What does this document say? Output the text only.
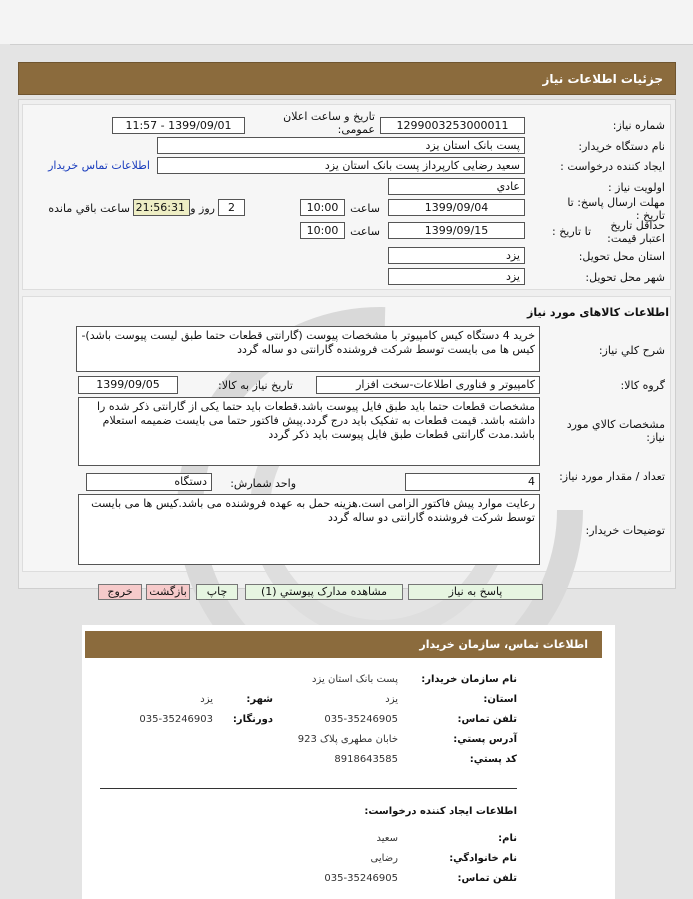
جزئیات اطلاعات نیاز
شماره نیاز:
1299003253000011
تاریخ و ساعت اعلان عمومی:
1399/09/01 - 11:57
نام دستگاه خریدار:
پست بانک استان یزد
ایجاد کننده درخواست :
سعید رضایی کارپرداز پست بانک استان یزد
اطلاعات تماس خریدار
اولویت نیاز :
عادي
مهلت ارسال پاسخ: تا تاریخ :
1399/09/04
ساعت
10:00
2
روز و
21:56:31
ساعت باقي مانده
حداقل تاریخ اعتبار قیمت:
تا تاریخ :
1399/09/15
ساعت
10:00
استان محل تحویل:
یزد
شهر محل تحویل:
یزد
اطلاعات کالاهای مورد نیاز
شرح کلي نیاز:
خرید 4 دستگاه کیس کامپیوتر با مشخصات پیوست (گارانتی قطعات حتما طبق لیست پیوست باشد)- کیس ها می بایست توسط شرکت فروشنده گارانتی دو ساله گردد
گروه کالا:
کامپیوتر و فناوری اطلاعات-سخت افزار
تاریخ نیاز به کالا:
1399/09/05
مشخصات کالاي مورد نیاز:
مشخصات قطعات حتما باید طبق فایل پیوست باشد.قطعات باید حتما یکی از گارانتی ذکر شده را داشته باشد. قیمت قطعات به تفکیک باید درج گردد.پیش فاکتور حتما می بایست ضمیمه استعلام باشد.مدت گارانتی قطعات طبق فایل پیوست باید ذکر گردد
تعداد / مقدار مورد نیاز:
4
واحد شمارش:
دستگاه
توضیحات خریدار:
رعایت موارد پیش فاکتور الزامی است.هزینه حمل به عهده فروشنده می باشد.کیس ها می بایست توسط شرکت فروشنده گارانتی دو ساله گردد
پاسخ به نیاز
مشاهده مدارک پیوستي (1)
چاپ
بازگشت
خروج
اطلاعات تماس، سازمان خریدار
نام سازمان خریدار:
پست بانک استان یزد
استان:
یزد
شهر:
یزد
تلفن تماس:
035-35246905
دورنگار:
035-35246903
آدرس پستي:
خابان مطهری پلاک 923
کد پستي:
8918643585
اطلاعات ایجاد کننده درخواست:
نام:
سعید
نام خانوادگي:
رضایی
تلفن تماس:
035-35246905
